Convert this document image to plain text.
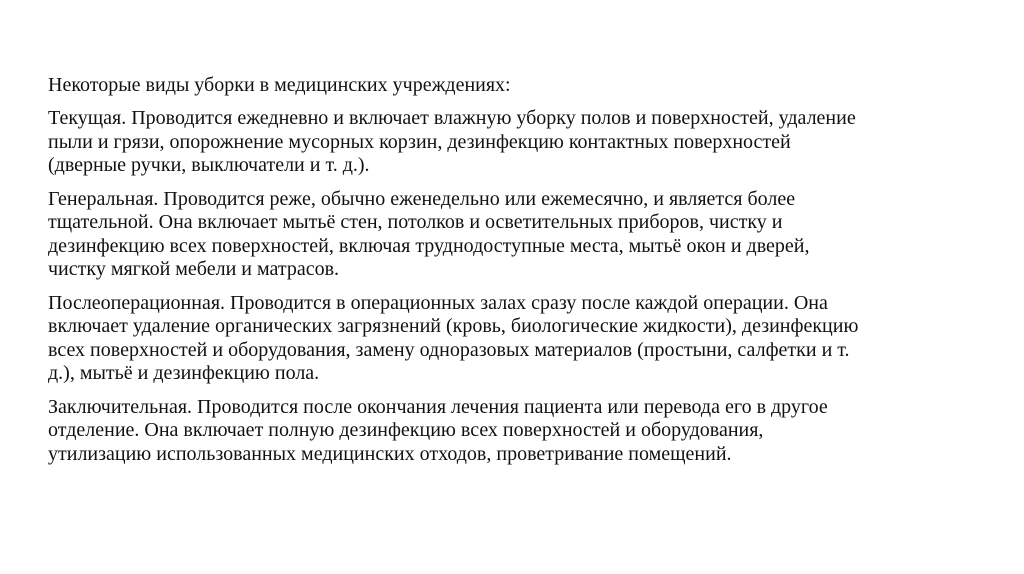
Некоторые виды уборки в медицинских учреждениях:

Текущая. Проводится ежедневно и включает влажную уборку полов и поверхностей, удаление
пыли и грязи, опорожнение мусорных корзин, дезинфекцию контактных поверхностей
(дверные ручки, выключатели и т. д.).

Генеральная. Проводится реже, обычно еженедельно или ежемесячно, и является более
тщательной. Она включает мытьё стен, потолков и осветительных приборов, чистку и
дезинфекцию всех поверхностей, включая труднодоступные места, мытьё окон и дверей,
чистку мягкой мебели и матрасов.

Послеоперационная. Проводится в операционных залах сразу после каждой операции. Она
включает удаление органических загрязнений (кровь, биологические жидкости), дезинфекцию
всех поверхностей и оборудования, замену одноразовых материалов (простыни, салфетки и т.
д.), мытьё и дезинфекцию пола.

Заключительная. Проводится после окончания лечения пациента или перевода его в другое
отделение. Она включает полную дезинфекцию всех поверхностей и оборудования,
утилизацию использованных медицинских отходов, проветривание помещений.
